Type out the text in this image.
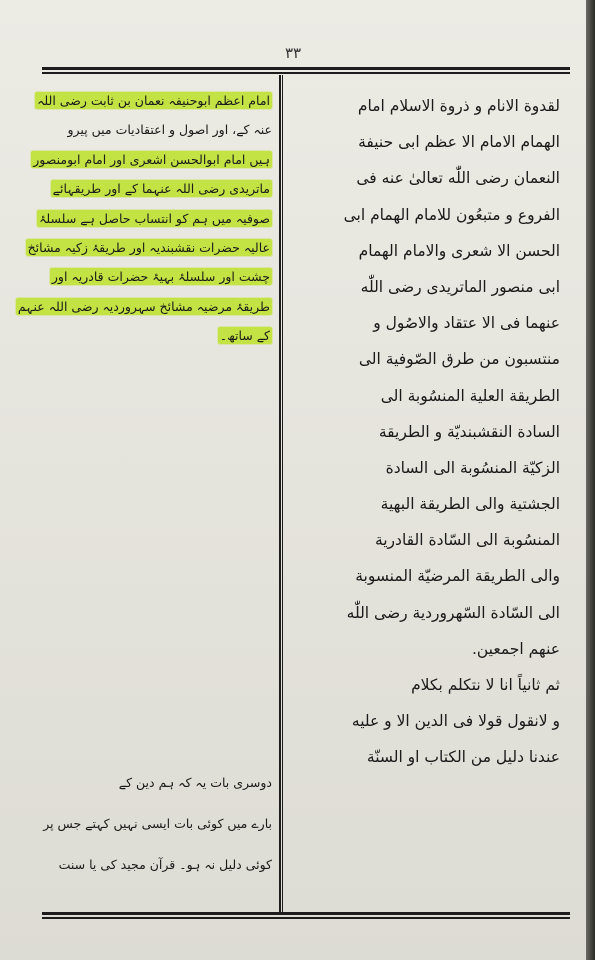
٣٣
لقدوة الانام و ذروة الاسلام امام
الهمام الامام الا عظم ابى حنيفة
النعمان رضى اللّٰه تعالىٰ عنه فى
الفروع و متبعُون للامام الهمام ابى
الحسن الا شعرى والامام الهمام
ابى منصور الماتريدى رضى اللّٰه
عنهما فى الا عتقاد والاصُول و
منتسبون من طرق الصّوفية الى
الطريقة العلية المنسُوبة الى
السادة النقشبنديّة و الطريقة
الزكيّة المنسُوبة الى السادة
الجشتية والى الطريقة البهية
المنسُوبة الى السّادة القادرية
والى الطريقة المرضيّة المنسوبة
الى السّادة السّهروردية رضى اللّٰه
عنهم اجمعين.
ثم ثانياً انا لا نتكلم بكلام
و لانقول قولا فى الدين الا و عليه
عندنا دليل من الكتاب او السنّة
امام اعظم ابوحنیفہ نعمان بن ثابت رضی اللہ
عنہ کے، اور اصول و اعتقادیات میں پیرو
ہیں امام ابوالحسن اشعری اور امام ابومنصور
ماتریدی رضی اللہ عنہما کے اور طریقہائے
صوفیہ میں ہم کو انتساب حاصل ہے سلسلۂ
عالیہ حضرات نقشبندیہ اور طریقۂ زکیہ مشائخ
چشت اور سلسلۂ بہیۂ حضرات قادریہ اور
طریقۂ مرضیہ مشائخ سہروردیہ رضی اللہ عنہم
کے ساتھ۔
دوسری بات یہ کہ ہم دین کے
بارے میں کوئی بات ایسی نہیں کہتے جس پر
کوئی دلیل نہ ہو۔ قرآن مجید کی یا سنت
